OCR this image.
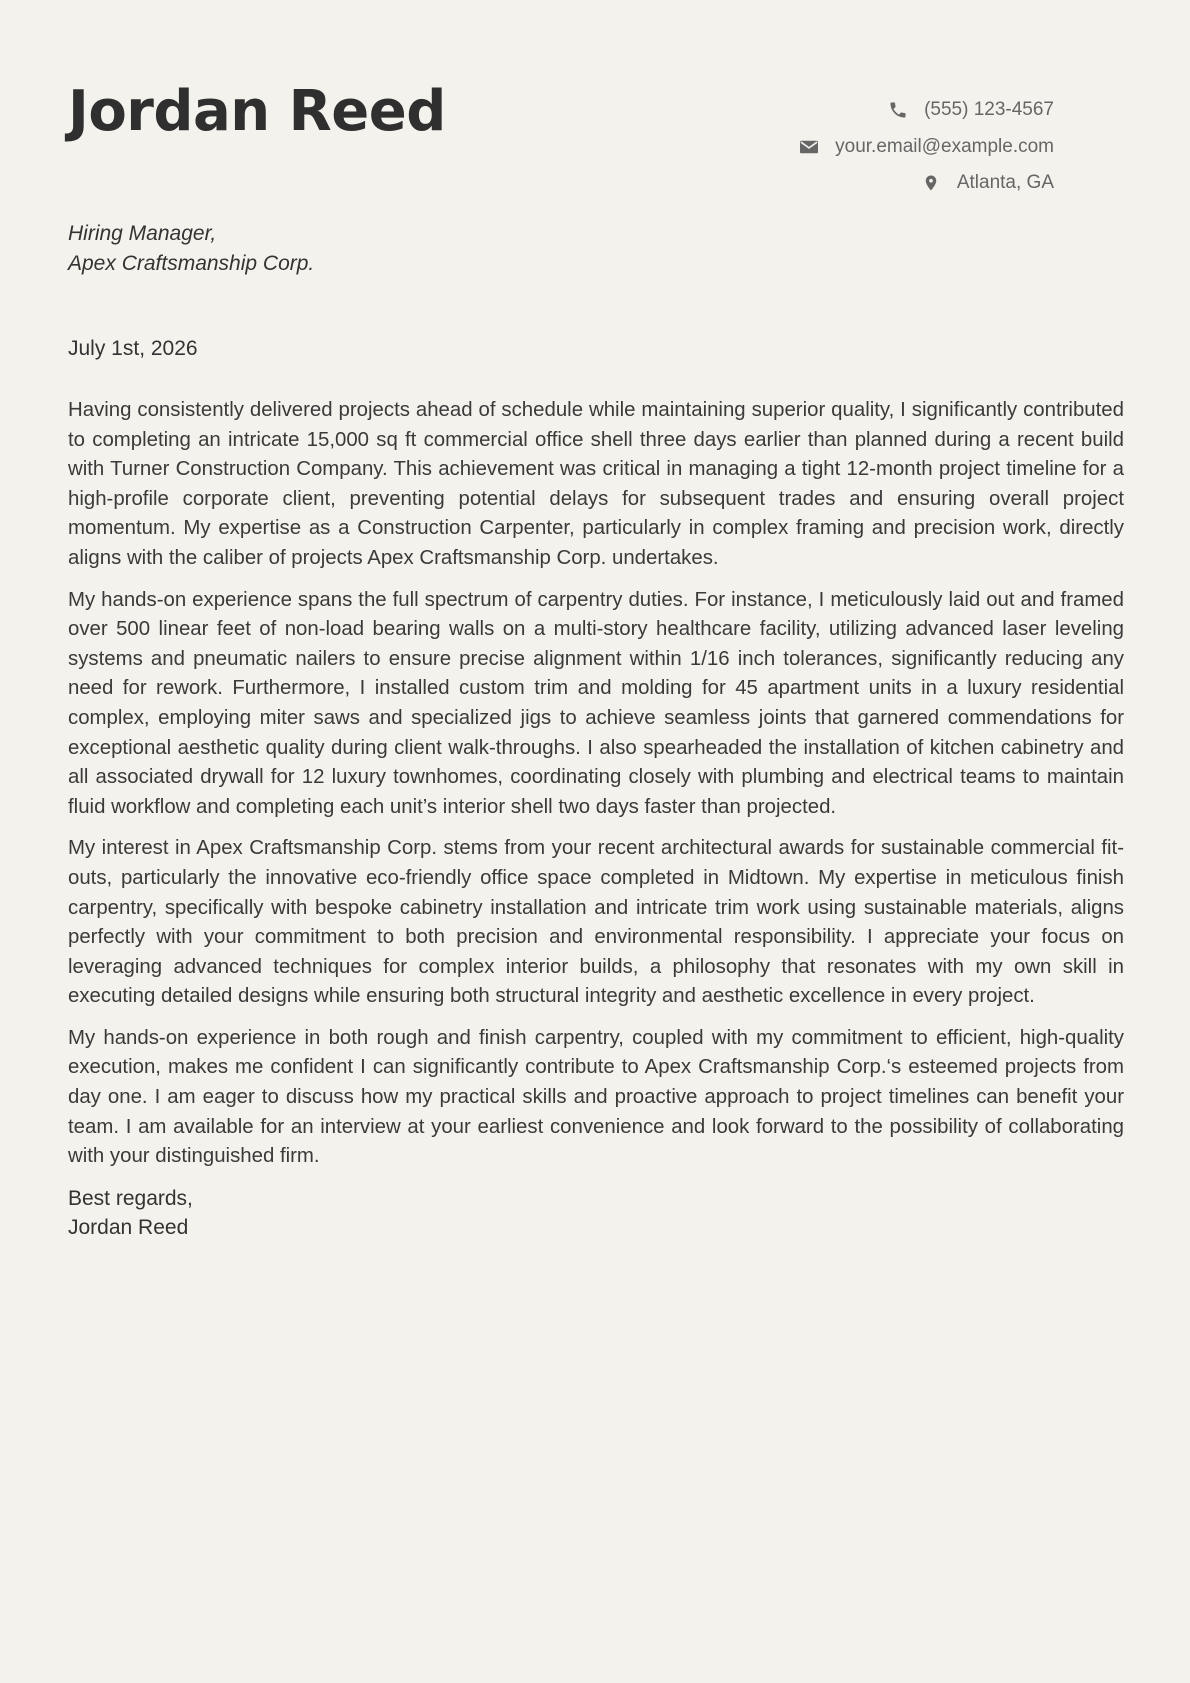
Jordan Reed	(555) 123-4567
your.email@example.com
Atlanta, GA
Hiring Manager,
Apex Craftsmanship Corp.
July 1st, 2026

Having consistently delivered projects ahead of schedule while maintaining superior quality, I significantly contributed to completing an intricate 15,000 sq ft commercial office shell three days earlier than planned during a recent build with Turner Construction Company. This achievement was critical in managing a tight 12-month project timeline for a high-profile corporate client, preventing potential delays for subsequent trades and ensuring overall project momentum. My expertise as a Construction Carpenter, particularly in complex framing and precision work, directly aligns with the caliber of projects Apex Craftsmanship Corp. undertakes.

My hands-on experience spans the full spectrum of carpentry duties. For instance, I meticulously laid out and framed over 500 linear feet of non-load bearing walls on a multi-story healthcare facility, utilizing advanced laser leveling systems and pneumatic nailers to ensure precise alignment within 1/16 inch tolerances, significantly reducing any need for rework. Furthermore, I installed custom trim and molding for 45 apartment units in a luxury residential complex, employing miter saws and specialized jigs to achieve seamless joints that garnered commendations for exceptional aesthetic quality during client walk-throughs. I also spearheaded the installation of kitchen cabinetry and all associated drywall for 12 luxury townhomes, coordinating closely with plumbing and electrical teams to maintain fluid workflow and completing each unit’s interior shell two days faster than projected.

My interest in Apex Craftsmanship Corp. stems from your recent architectural awards for sustainable commercial fit-outs, particularly the innovative eco-friendly office space completed in Midtown. My expertise in meticulous finish carpentry, specifically with bespoke cabinetry installation and intricate trim work using sustainable materials, aligns perfectly with your commitment to both precision and environmental responsibility. I appreciate your focus on leveraging advanced techniques for complex interior builds, a philosophy that resonates with my own skill in executing detailed designs while ensuring both structural integrity and aesthetic excellence in every project.

My hands-on experience in both rough and finish carpentry, coupled with my commitment to efficient, high-quality execution, makes me confident I can significantly contribute to Apex Craftsmanship Corp.‘s esteemed projects from day one. I am eager to discuss how my practical skills and proactive approach to project timelines can benefit your team. I am available for an interview at your earliest convenience and look forward to the possibility of collaborating with your distinguished firm.

Best regards,
Jordan Reed
